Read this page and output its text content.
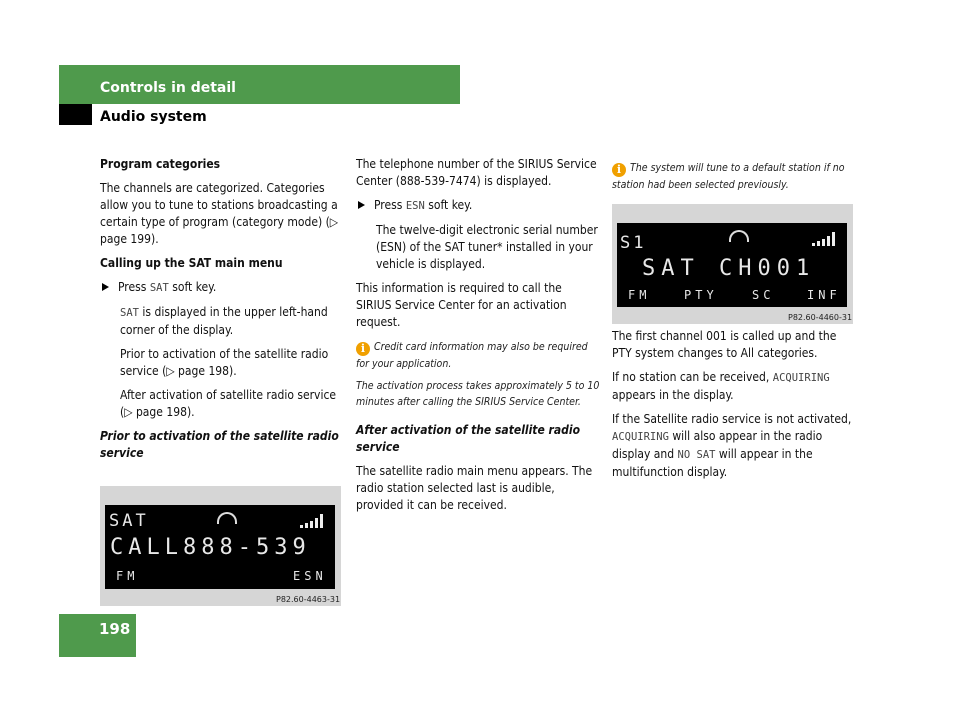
Controls in detail
Audio system
198

Program categories

The channels are categorized. Categories allow you to tune to stations broadcasting a certain type of program (category mode) (▷ page 199).

Calling up the SAT main menu

Press SAT soft key.

SAT is displayed in the upper left-hand corner of the display.

Prior to activation of the satellite radio service (▷ page 198).

After activation of satellite radio service (▷ page 198).

Prior to activation of the satellite radio service

SAT
CALL888-539
FM	ESN
P82.60-4463-31

The telephone number of the SIRIUS Service Center (888-539-7474) is displayed.

Press ESN soft key.

The twelve-digit electronic serial number (ESN) of the SAT tuner* installed in your vehicle is displayed.

This information is required to call the SIRIUS Service Center for an activation request.

i Credit card information may also be required for your application.

The activation process takes approximately 5 to 10 minutes after calling the SIRIUS Service Center.

After activation of the satellite radio service

The satellite radio main menu appears. The radio station selected last is audible, provided it can be received.

i The system will tune to a default station if no station had been selected previously.

S1
SAT CH001
FM	PTY	SC	INF
P82.60-4460-31

The first channel 001 is called up and the PTY system changes to All categories.

If no station can be received, ACQUIRING appears in the display.

If the Satellite radio service is not activated, ACQUIRING will also appear in the radio display and NO SAT will appear in the multifunction display.
